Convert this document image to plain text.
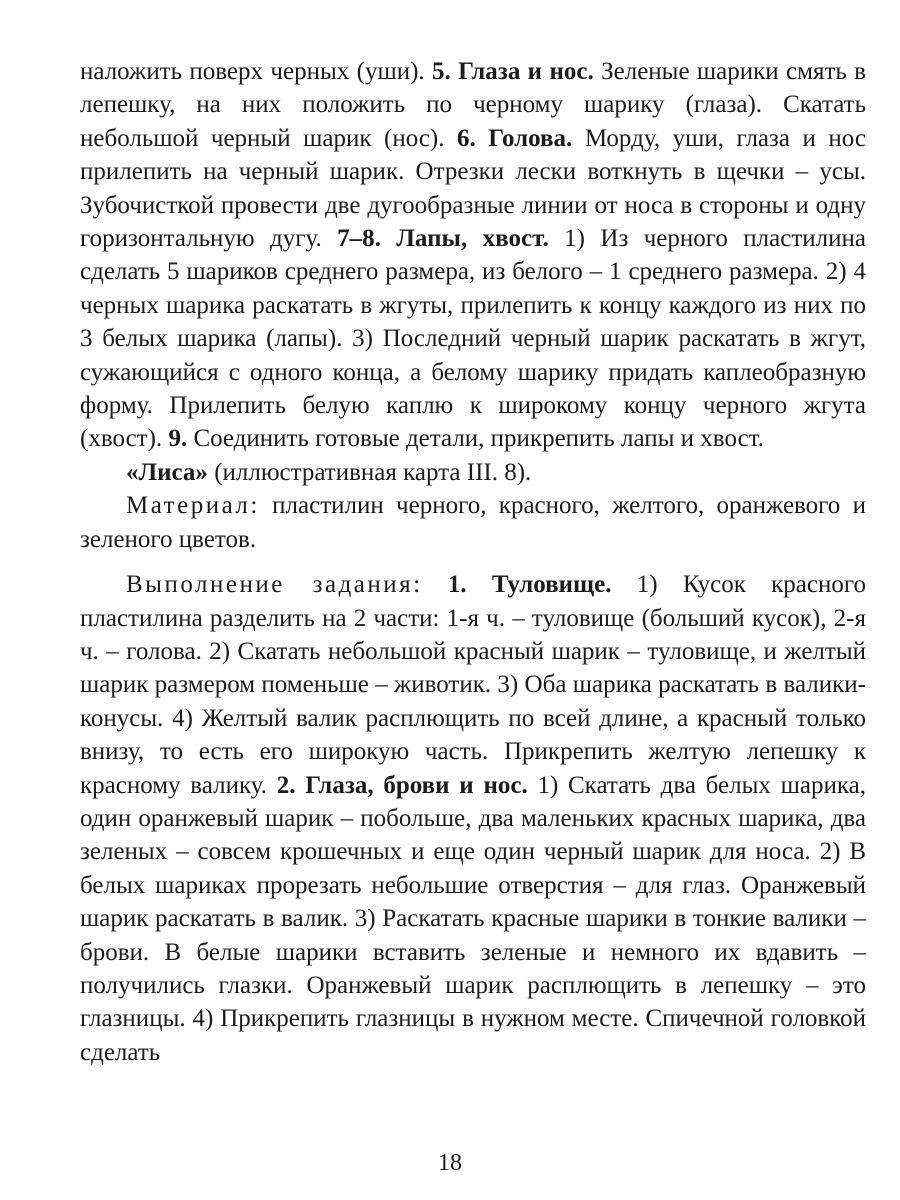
наложить поверх черных (уши). 5. Глаза и нос. Зеленые шарики смять в лепешку, на них положить по черному шарику (глаза). Скатать небольшой черный шарик (нос). 6. Голова. Морду, уши, глаза и нос прилепить на черный шарик. Отрезки лески воткнуть в щечки – усы. Зубочисткой провести две дугообразные линии от носа в стороны и одну горизонтальную дугу. 7–8. Лапы, хвост. 1) Из черного пластилина сделать 5 шариков среднего размера, из белого – 1 среднего размера. 2) 4 черных шарика раскатать в жгуты, прилепить к концу каждого из них по 3 белых шарика (лапы). 3) Последний черный шарик раскатать в жгут, сужающийся с одного конца, а белому шарику придать каплеобразную форму. Прилепить белую каплю к широкому концу черного жгута (хвост). 9. Соединить готовые детали, прикрепить лапы и хвост.

«Лиса» (иллюстративная карта III. 8).

Материал: пластилин черного, красного, желтого, оранжевого и зеленого цветов.

Выполнение задания: 1. Туловище. 1) Кусок красного пластилина разделить на 2 части: 1-я ч. – туловище (больший кусок), 2-я ч. – голова. 2) Скатать небольшой красный шарик – туловище, и желтый шарик размером поменьше – животик. 3) Оба шарика раскатать в валики-конусы. 4) Желтый валик расплющить по всей длине, а красный только внизу, то есть его широкую часть. Прикрепить желтую лепешку к красному валику. 2. Глаза, брови и нос. 1) Скатать два белых шарика, один оранжевый шарик – побольше, два маленьких красных шарика, два зеленых – совсем крошечных и еще один черный шарик для носа. 2) В белых шариках прорезать небольшие отверстия – для глаз. Оранжевый шарик раскатать в валик. 3) Раскатать красные шарики в тонкие валики – брови. В белые шарики вставить зеленые и немного их вдавить – получились глазки. Оранжевый шарик расплющить в лепешку – это глазницы. 4) Прикрепить глазницы в нужном месте. Спичечной головкой сделать

18
